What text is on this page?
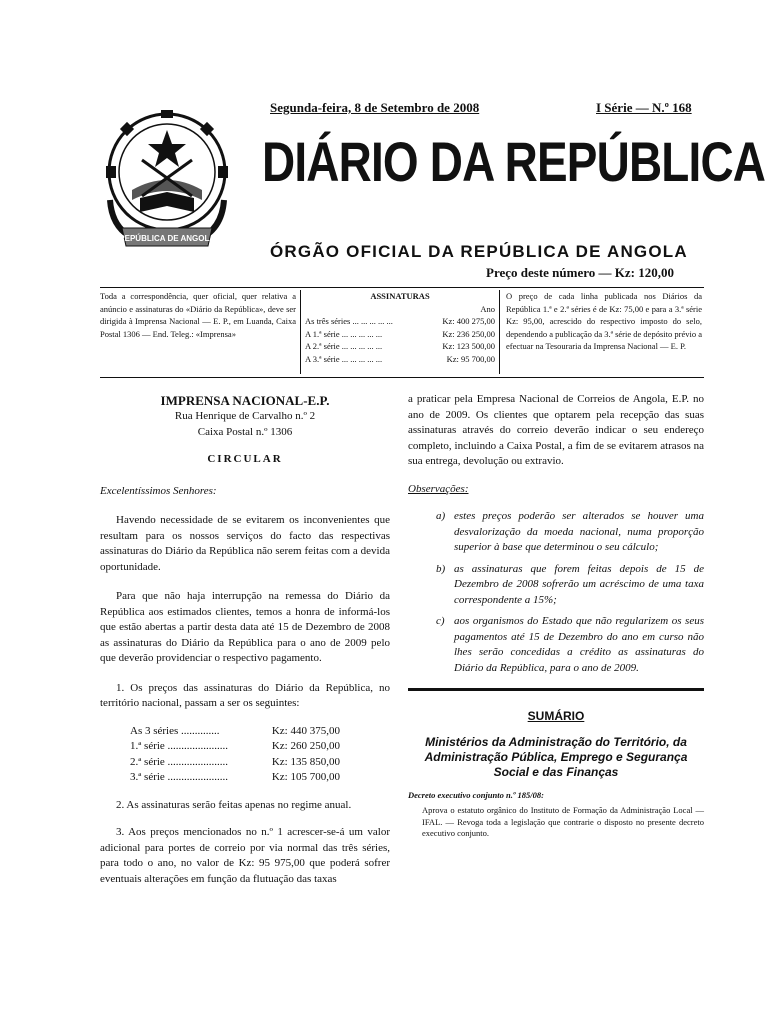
REPÚBLICA DE ANGOLA
Segunda-feira, 8 de Setembro de 2008	I Série — N.º 168
DIÁRIO DA REPÚBLICA
ÓRGÃO OFICIAL DA REPÚBLICA DE ANGOLA
Preço deste número — Kz: 120,00
Toda a correspondência, quer oficial, quer relativa a anúncio e assinaturas do «Diário da República», deve ser dirigida à Imprensa Nacional — E. P., em Luanda, Caixa Postal 1306 — End. Teleg.: «Imprensa»
ASSINATURAS
Ano
As três séries ... ... ... ... ...	Kz: 400 275,00
A 1.ª série ... ... ... ... ...	Kz: 236 250,00
A 2.ª série ... ... ... ... ...	Kz: 123 500,00
A 3.ª série ... ... ... ... ...	Kz: 95 700,00
O preço de cada linha publicada nos Diários da República 1.ª e 2.ª séries é de Kz: 75,00 e para a 3.ª série Kz: 95,00, acrescido do respectivo imposto do selo, dependendo a publicação da 3.ª série de depósito prévio a efectuar na Tesouraria da Imprensa Nacional — E. P.
IMPRENSA NACIONAL-E.P.
Rua Henrique de Carvalho n.º 2
Caixa Postal n.º 1306
CIRCULAR

Excelentíssimos Senhores:

Havendo necessidade de se evitarem os inconvenientes que resultam para os nossos serviços do facto das respectivas assinaturas do Diário da República não serem feitas com a devida oportunidade.

Para que não haja interrupção na remessa do Diário da República aos estimados clientes, temos a honra de informá-los que estão abertas a partir desta data até 15 de Dezembro de 2008 as assinaturas do Diário da República para o ano de 2009 pelo que deverão providenciar o respectivo pagamento.

1. Os preços das assinaturas do Diário da República, no território nacional, passam a ser os seguintes:

As 3 séries ..............	Kz: 440 375,00
1.ª série ......................	Kz: 260 250,00
2.ª série ......................	Kz: 135 850,00
3.ª série ......................	Kz: 105 700,00

2. As assinaturas serão feitas apenas no regime anual.

3. Aos preços mencionados no n.º 1 acrescer-se-á um valor adicional para portes de correio por via normal das três séries, para todo o ano, no valor de Kz: 95 975,00 que poderá sofrer eventuais alterações em função da flutuação das taxas

a praticar pela Empresa Nacional de Correios de Angola, E.P. no ano de 2009. Os clientes que optarem pela recepção das suas assinaturas através do correio deverão indicar o seu endereço completo, incluindo a Caixa Postal, a fim de se evitarem atrasos na sua entrega, devolução ou extravio.

Observações:

a) estes preços poderão ser alterados se houver uma desvalorização da moeda nacional, numa proporção superior à base que determinou o seu cálculo;

b) as assinaturas que forem feitas depois de 15 de Dezembro de 2008 sofrerão um acréscimo de uma taxa correspondente a 15%;

c) aos organismos do Estado que não regularizem os seus pagamentos até 15 de Dezembro do ano em curso não lhes serão concedidas a crédito as assinaturas do Diário da República, para o ano de 2009.

SUMÁRIO
Ministérios da Administração do Território, da Administração Pública, Emprego e Segurança Social e das Finanças
Decreto executivo conjunto n.º 185/08:

Aprova o estatuto orgânico do Instituto de Formação da Administração Local — IFAL. — Revoga toda a legislação que contrarie o disposto no presente decreto executivo conjunto.
